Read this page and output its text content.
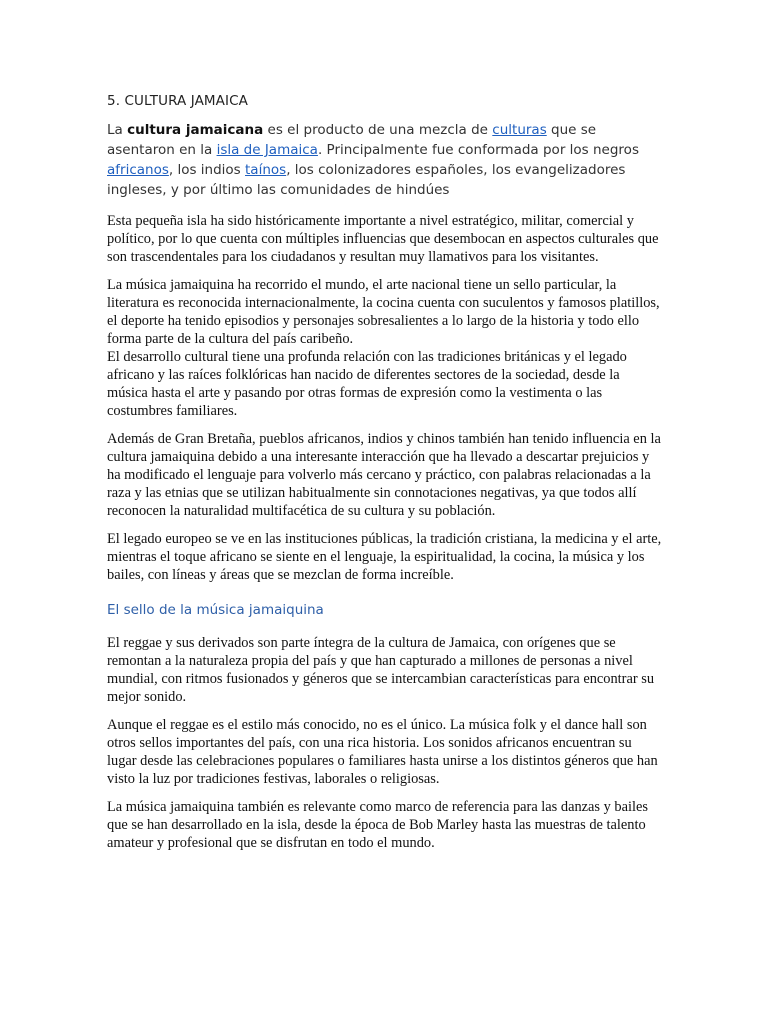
5. CULTURA JAMAICA

La cultura jamaicana es el producto de una mezcla de culturas que se asentaron en la isla de Jamaica. Principalmente fue conformada por los negros africanos, los indios taínos, los colonizadores españoles, los evangelizadores ingleses, y por último las comunidades de hindúes

Esta pequeña isla ha sido históricamente importante a nivel estratégico, militar, comercial y político, por lo que cuenta con múltiples influencias que desembocan en aspectos culturales que son trascendentales para los ciudadanos y resultan muy llamativos para los visitantes.

La música jamaiquina ha recorrido el mundo, el arte nacional tiene un sello particular, la literatura es reconocida internacionalmente, la cocina cuenta con suculentos y famosos platillos, el deporte ha tenido episodios y personajes sobresalientes a lo largo de la historia y todo ello forma parte de la cultura del país caribeño.

El desarrollo cultural tiene una profunda relación con las tradiciones británicas y el legado africano y las raíces folklóricas han nacido de diferentes sectores de la sociedad, desde la música hasta el arte y pasando por otras formas de expresión como la vestimenta o las costumbres familiares.

Además de Gran Bretaña, pueblos africanos, indios y chinos también han tenido influencia en la cultura jamaiquina debido a una interesante interacción que ha llevado a descartar prejuicios y ha modificado el lenguaje para volverlo más cercano y práctico, con palabras relacionadas a la raza y las etnias que se utilizan habitualmente sin connotaciones negativas, ya que todos allí reconocen la naturalidad multifacética de su cultura y su población.

El legado europeo se ve en las instituciones públicas, la tradición cristiana, la medicina y el arte, mientras el toque africano se siente en el lenguaje, la espiritualidad, la cocina, la música y los bailes, con líneas y áreas que se mezclan de forma increíble.

El sello de la música jamaiquina

El reggae y sus derivados son parte íntegra de la cultura de Jamaica, con orígenes que se remontan a la naturaleza propia del país y que han capturado a millones de personas a nivel mundial, con ritmos fusionados y géneros que se intercambian características para encontrar su mejor sonido.

Aunque el reggae es el estilo más conocido, no es el único. La música folk y el dance hall son otros sellos importantes del país, con una rica historia. Los sonidos africanos encuentran su lugar desde las celebraciones populares o familiares hasta unirse a los distintos géneros que han visto la luz por tradiciones festivas, laborales o religiosas.

La música jamaiquina también es relevante como marco de referencia para las danzas y bailes que se han desarrollado en la isla, desde la época de Bob Marley hasta las muestras de talento amateur y profesional que se disfrutan en todo el mundo.
